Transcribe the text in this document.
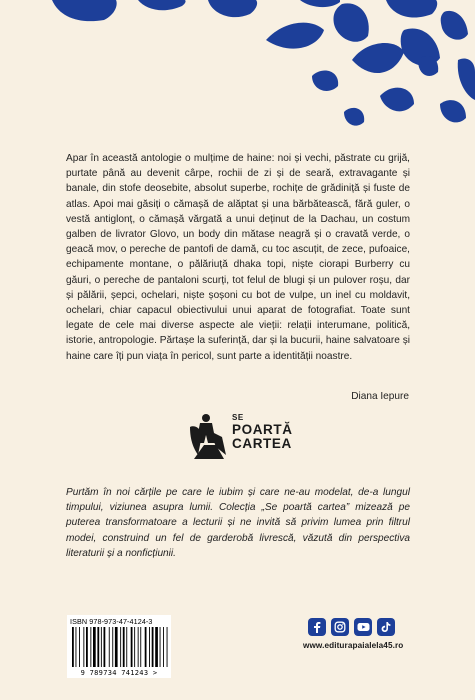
Apar în această antologie o mulțime de haine: noi și vechi, păstrate cu grijă, purtate până au devenit cârpe, rochii de zi și de seară, extravagante și banale, din stofe deosebite, absolut superbe, rochițe de grădiniță și fuste de atlas. Apoi mai găsiți o cămașă de alăptat și una bărbătească, fără guler, o vestă antiglonț, o cămașă vărgată a unui deținut de la Dachau, un costum galben de livrator Glovo, un body din mătase neagră și o cravată verde, o geacă mov, o pereche de pantofi de damă, cu toc ascuțit, de zece, pufoaice, echipamente montane, o pălăriuță dhaka topi, niște ciorapi Burberry cu găuri, o pereche de pantaloni scurți, tot felul de blugi și un pulover roșu, dar și pălării, șepci, ochelari, niște șoșoni cu bot de vulpe, un inel cu moldavit, ochelari, chiar capacul obiectivului unui aparat de fotografiat. Toate sunt legate de cele mai diverse aspecte ale vieții: relații interumane, politică, istorie, antropologie. Părtașe la suferință, dar și la bucurii, haine salvatoare și haine care îți pun viața în pericol, sunt parte a identității noastre.

Diana Iepure
SE
POARTĂ
CARTEA

Purtăm în noi cărțile pe care le iubim și care ne-au modelat, de-a lungul timpului, viziunea asupra lumii. Colecția „Se poartă cartea” mizează pe puterea transformatoare a lecturii și ne invită să privim lumea prin filtrul modei, construind un fel de garderobă livrescă, văzută din perspectiva literaturii și a nonficțiunii.

ISBN 978-973-47-4124-3
9 789734 741243 >
www.editurapaialela45.ro
